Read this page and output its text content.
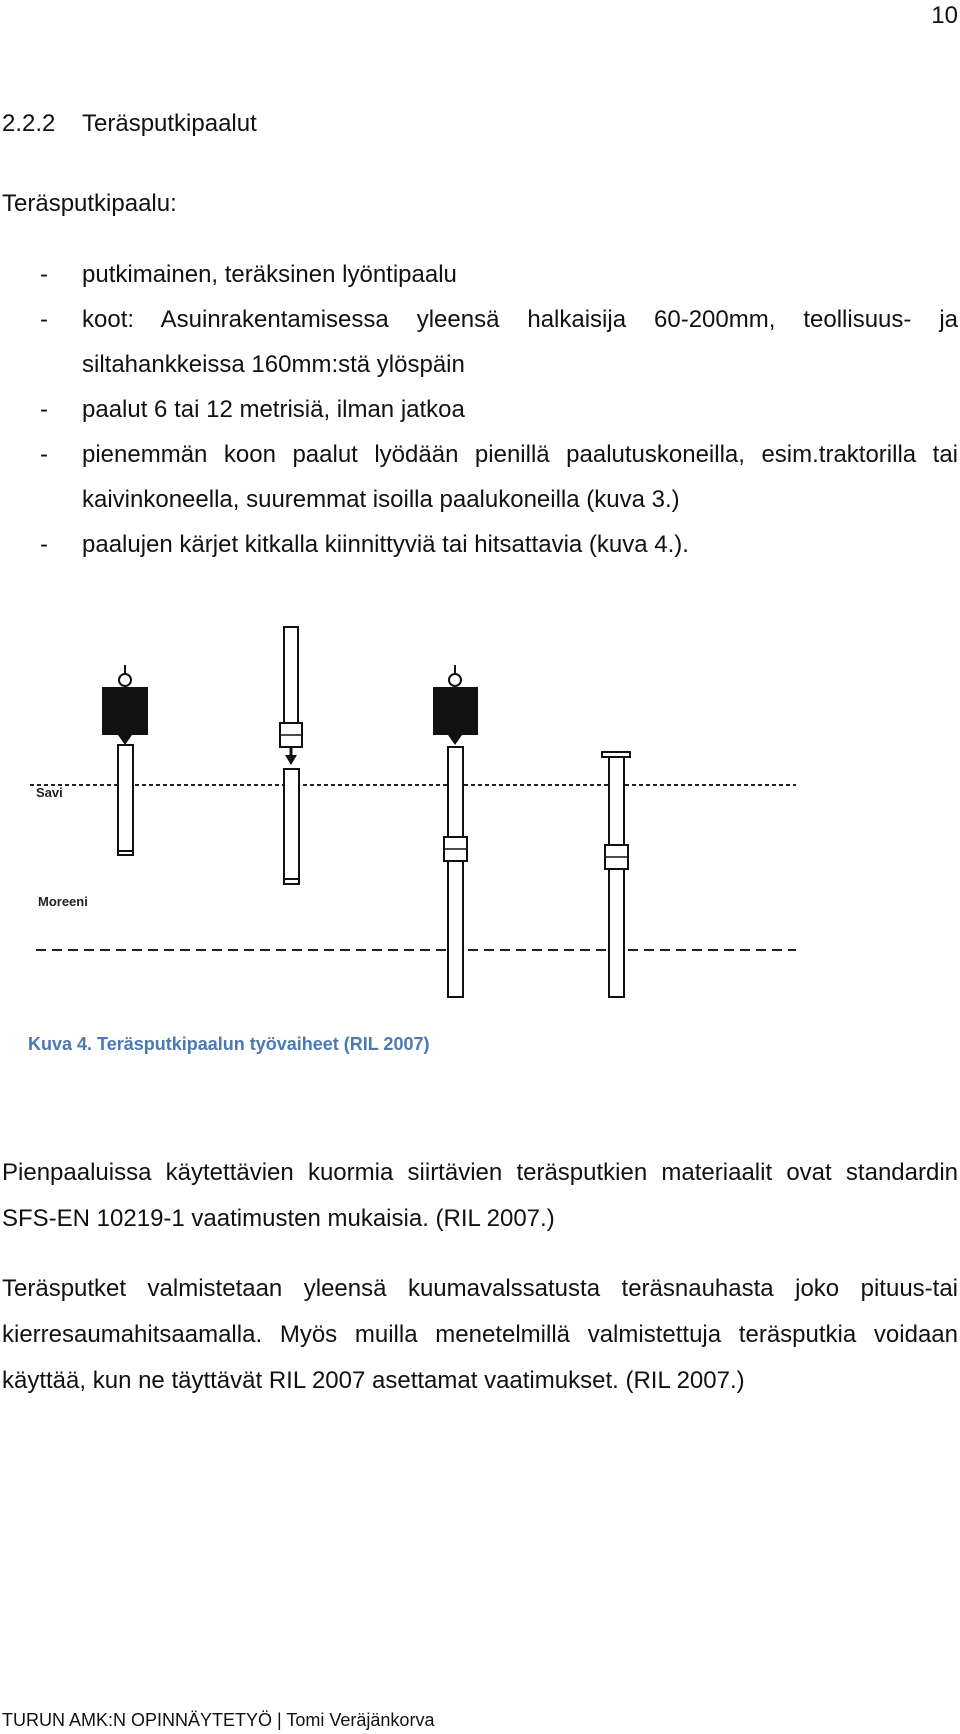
10
2.2.2 Teräsputkipaalut
Teräsputkipaalu:
- putkimainen, teräksinen lyöntipaalu
- koot: Asuinrakentamisessa yleensä halkaisija 60-200mm, teollisuus- ja siltahankkeissa 160mm:stä ylöspäin
- paalut 6 tai 12 metrisiä, ilman jatkoa
- pienemmän koon paalut lyödään pienillä paalutuskoneilla, esim.traktorilla tai kaivinkoneella, suuremmat isoilla paalukoneilla (kuva 3.)
- paalujen kärjet kitkalla kiinnittyviä tai hitsattavia (kuva 4.).
Savi
Moreeni
Kuva 4. Teräsputkipaalun työvaiheet (RIL 2007)
Pienpaaluissa käytettävien kuormia siirtävien teräsputkien materiaalit ovat standardin SFS-EN 10219-1 vaatimusten mukaisia. (RIL 2007.)
Teräsputket valmistetaan yleensä kuumavalssatusta teräsnauhasta joko pituus-tai kierresaumahitsaamalla. Myös muilla menetelmillä valmistettuja teräsputkia voidaan käyttää, kun ne täyttävät RIL 2007 asettamat vaatimukset. (RIL 2007.)
TURUN AMK:N OPINNÄYTETYÖ | Tomi Veräjänkorva
